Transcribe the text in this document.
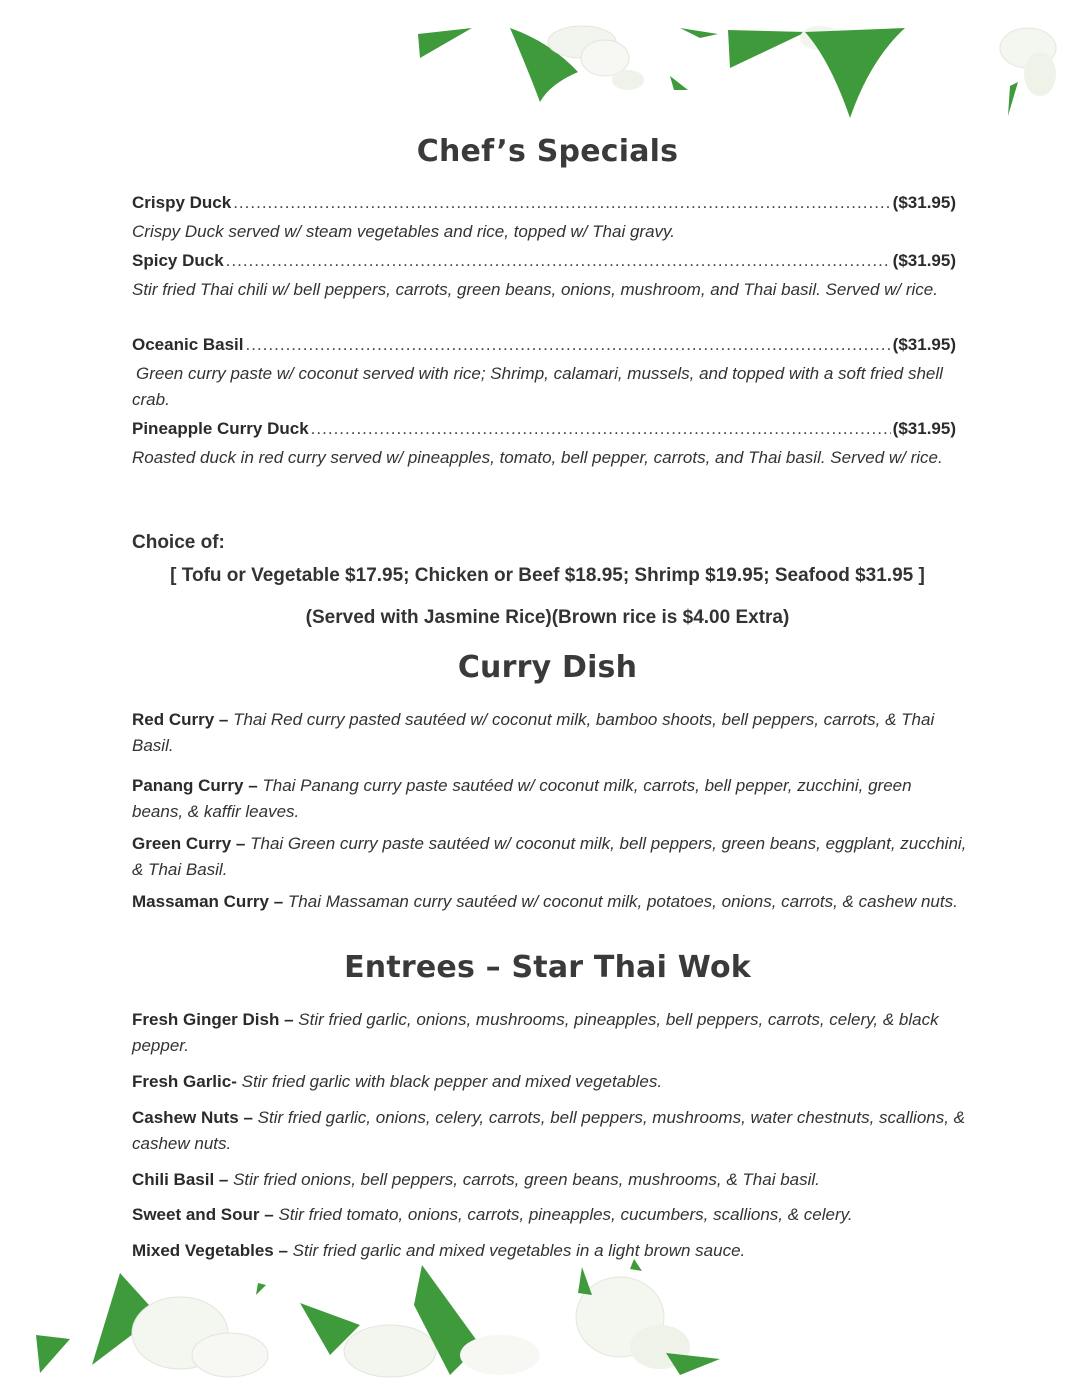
Chef’s Specials
Crispy Duck .....	($31.95)
Crispy Duck served w/ steam vegetables and rice, topped w/ Thai gravy.
Spicy Duck .....	($31.95)
Stir fried Thai chili w/ bell peppers, carrots, green beans, onions, mushroom, and Thai basil. Served w/ rice.
Oceanic Basil .....	($31.95)
Green curry paste w/ coconut served with rice; Shrimp, calamari, mussels, and topped with a soft fried shell crab.
Pineapple Curry Duck .....	($31.95)
Roasted duck in red curry served w/ pineapples, tomato, bell pepper, carrots, and Thai basil. Served w/ rice.
Choice of:
[ Tofu or Vegetable $17.95; Chicken or Beef $18.95; Shrimp $19.95; Seafood $31.95 ]
(Served with Jasmine Rice)(Brown rice is $4.00 Extra)
Curry Dish
Red Curry – Thai Red curry pasted sautéed w/ coconut milk, bamboo shoots, bell peppers, carrots, & Thai Basil.
Panang Curry – Thai Panang curry paste sautéed w/ coconut milk, carrots, bell pepper, zucchini, green beans, & kaffir leaves.
Green Curry – Thai Green curry paste sautéed w/ coconut milk, bell peppers, green beans, eggplant, zucchini, & Thai Basil.
Massaman Curry – Thai Massaman curry sautéed w/ coconut milk, potatoes, onions, carrots, & cashew nuts.
Entrees – Star Thai Wok
Fresh Ginger Dish – Stir fried garlic, onions, mushrooms, pineapples, bell peppers, carrots, celery, & black pepper.
Fresh Garlic- Stir fried garlic with black pepper and mixed vegetables.
Cashew Nuts – Stir fried garlic, onions, celery, carrots, bell peppers, mushrooms, water chestnuts, scallions, & cashew nuts.
Chili Basil – Stir fried onions, bell peppers, carrots, green beans, mushrooms, & Thai basil.
Sweet and Sour – Stir fried tomato, onions, carrots, pineapples, cucumbers, scallions, & celery.
Mixed Vegetables – Stir fried garlic and mixed vegetables in a light brown sauce.
